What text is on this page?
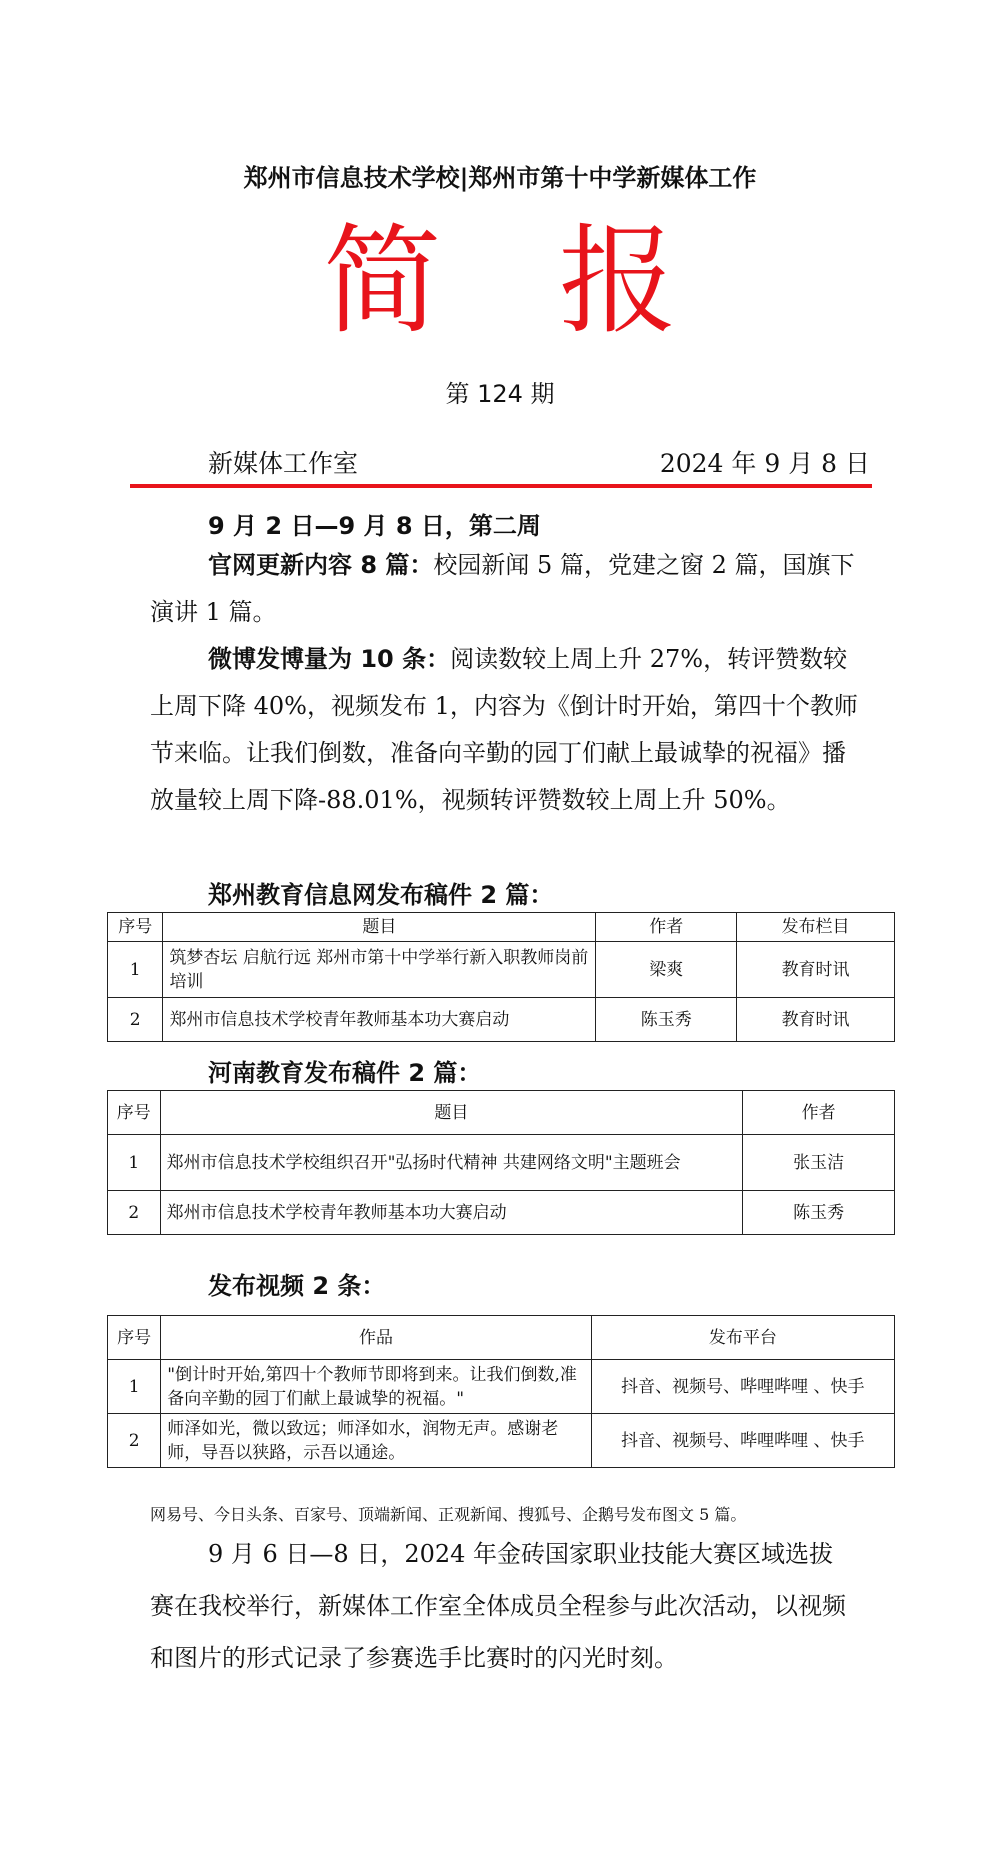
郑州市信息技术学校|郑州市第十中学新媒体工作
简 报
第 124 期
新媒体工作室	2024 年 9 月 8 日
9 月 2 日—9 月 8 日，第二周
官网更新内容 8 篇：校园新闻 5 篇，党建之窗 2 篇，国旗下演讲 1 篇。
微博发博量为 10 条：阅读数较上周上升 27%，转评赞数较上周下降 40%，视频发布 1，内容为《倒计时开始，第四十个教师节来临。让我们倒数，准备向辛勤的园丁们献上最诚挚的祝福》播放量较上周下降-88.01%，视频转评赞数较上周上升 50%。
郑州教育信息网发布稿件 2 篇：
序号	题目	作者	发布栏目
1	筑梦杏坛 启航行远 郑州市第十中学举行新入职教师岗前培训	梁爽	教育时讯
2	郑州市信息技术学校青年教师基本功大赛启动	陈玉秀	教育时讯
河南教育发布稿件 2 篇：
序号	题目	作者
1	郑州市信息技术学校组织召开"弘扬时代精神 共建网络文明"主题班会	张玉洁
2	郑州市信息技术学校青年教师基本功大赛启动	陈玉秀
发布视频 2 条：
序号	作品	发布平台
1	"倒计时开始,第四十个教师节即将到来。让我们倒数,准备向辛勤的园丁们献上最诚挚的祝福。"	抖音、视频号、哔哩哔哩 、快手
2	师泽如光，微以致远；师泽如水，润物无声。感谢老师，导吾以狭路，示吾以通途。	抖音、视频号、哔哩哔哩 、快手
网易号、今日头条、百家号、顶端新闻、正观新闻、搜狐号、企鹅号发布图文 5 篇。
9 月 6 日—8 日，2024 年金砖国家职业技能大赛区域选拔赛在我校举行，新媒体工作室全体成员全程参与此次活动，以视频和图片的形式记录了参赛选手比赛时的闪光时刻。
